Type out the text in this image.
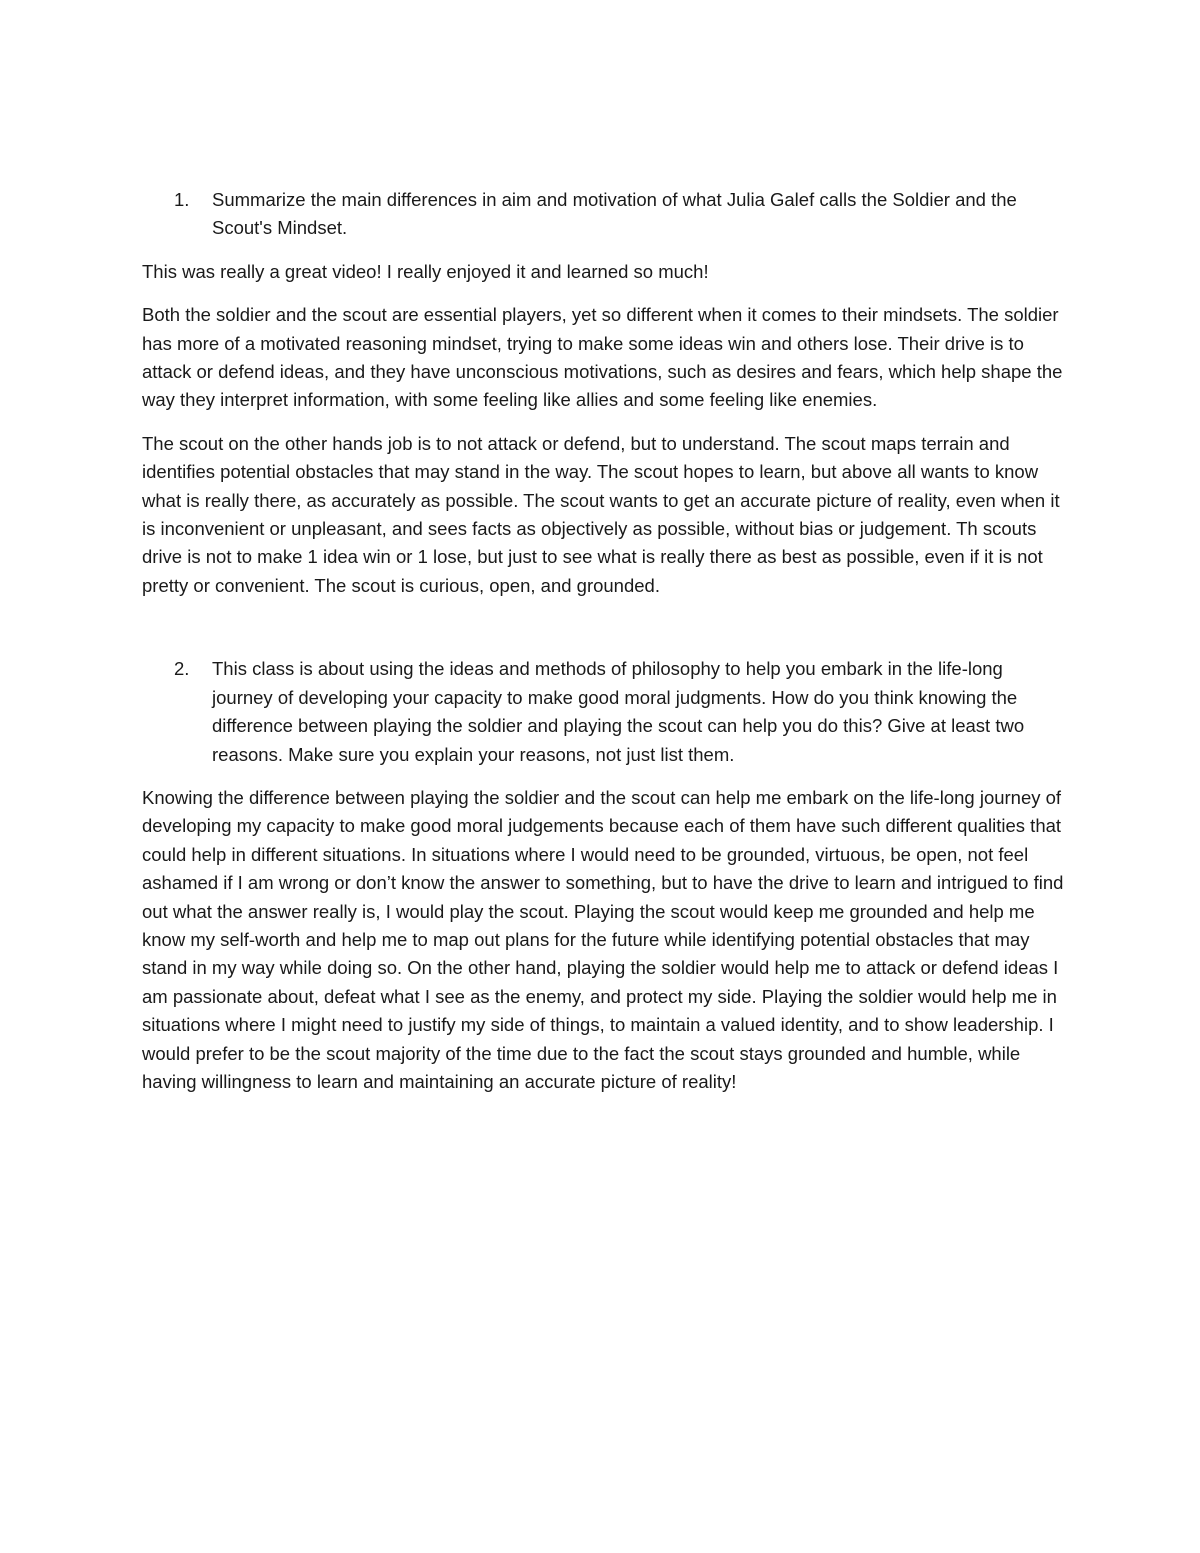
1.	Summarize the main differences in aim and motivation of what Julia Galef calls the Soldier and the Scout's Mindset.

This was really a great video! I really enjoyed it and learned so much!

Both the soldier and the scout are essential players, yet so different when it comes to their mindsets. The soldier has more of a motivated reasoning mindset, trying to make some ideas win and others lose. Their drive is to attack or defend ideas, and they have unconscious motivations, such as desires and fears, which help shape the way they interpret information, with some feeling like allies and some feeling like enemies.

The scout on the other hands job is to not attack or defend, but to understand. The scout maps terrain and identifies potential obstacles that may stand in the way. The scout hopes to learn, but above all wants to know what is really there, as accurately as possible. The scout wants to get an accurate picture of reality, even when it is inconvenient or unpleasant, and sees facts as objectively as possible, without bias or judgement. Th scouts drive is not to make 1 idea win or 1 lose, but just to see what is really there as best as possible, even if it is not pretty or convenient. The scout is curious, open, and grounded.

2.	This class is about using the ideas and methods of philosophy to help you embark in the life-long journey of developing your capacity to make good moral judgments. How do you think knowing the difference between playing the soldier and playing the scout can help you do this? Give at least two reasons. Make sure you explain your reasons, not just list them.

Knowing the difference between playing the soldier and the scout can help me embark on the life-long journey of developing my capacity to make good moral judgements because each of them have such different qualities that could help in different situations. In situations where I would need to be grounded, virtuous, be open, not feel ashamed if I am wrong or don’t know the answer to something, but to have the drive to learn and intrigued to find out what the answer really is, I would play the scout. Playing the scout would keep me grounded and help me know my self-worth and help me to map out plans for the future while identifying potential obstacles that may stand in my way while doing so. On the other hand, playing the soldier would help me to attack or defend ideas I am passionate about, defeat what I see as the enemy, and protect my side. Playing the soldier would help me in situations where I might need to justify my side of things, to maintain a valued identity, and to show leadership. I would prefer to be the scout majority of the time due to the fact the scout stays grounded and humble, while having willingness to learn and maintaining an accurate picture of reality!
